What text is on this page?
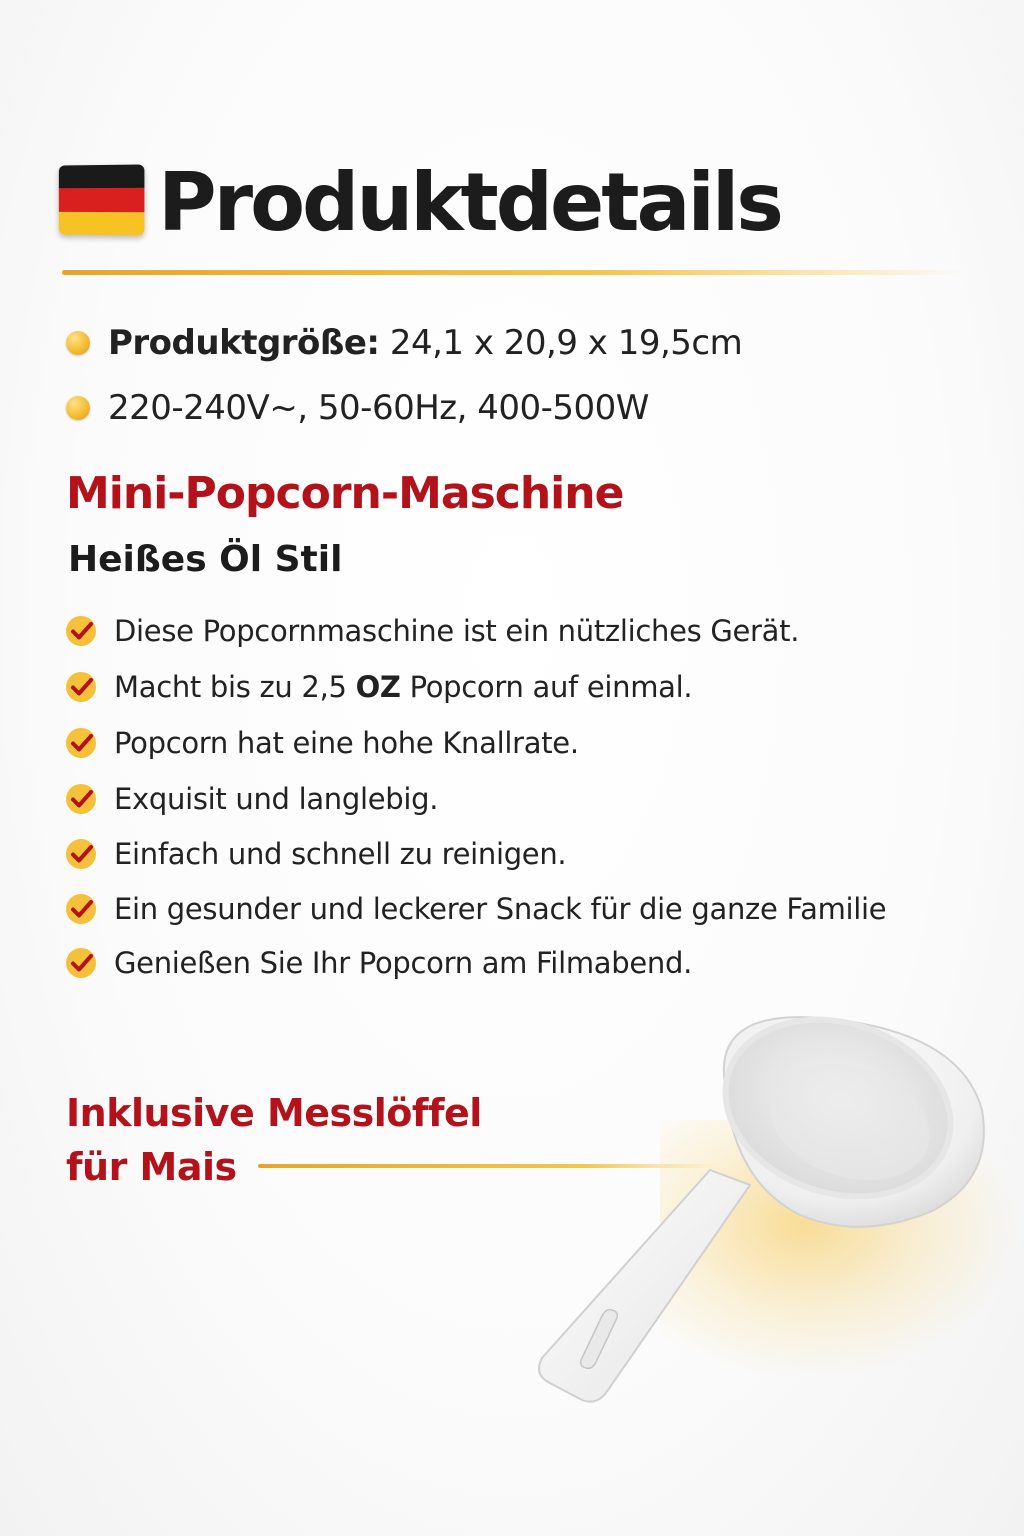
Produktdetails
Produktgröße: 24,1 x 20,9 x 19,5cm
220-240V~, 50-60Hz, 400-500W
Mini-Popcorn-Maschine
Heißes Öl Stil
Diese Popcornmaschine ist ein nützliches Gerät.
Macht bis zu 2,5 OZ Popcorn auf einmal.
Popcorn hat eine hohe Knallrate.
Exquisit und langlebig.
Einfach und schnell zu reinigen.
Ein gesunder und leckerer Snack für die ganze Familie
Genießen Sie Ihr Popcorn am Filmabend.
Inklusive Messlöffel
für Mais
